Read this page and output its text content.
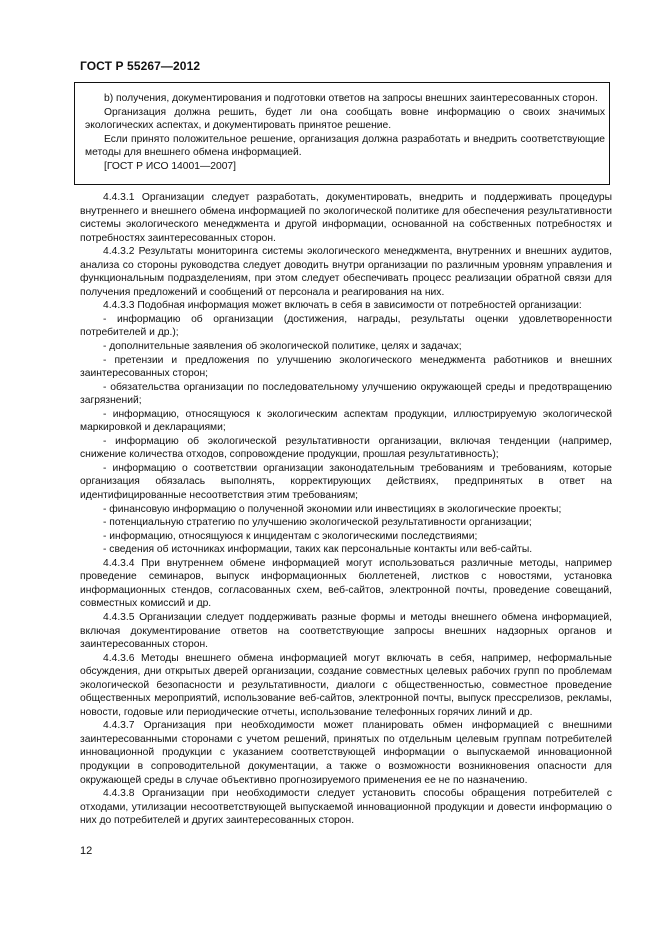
ГОСТ Р 55267—2012

b) получения, документирования и подготовки ответов на запросы внешних заинтересованных сторон.

Организация должна решить, будет ли она сообщать вовне информацию о своих значимых экологических аспектах, и документировать принятое решение.

Если принято положительное решение, организация должна разработать и внедрить соответствующие методы для внешнего обмена информацией.

[ГОСТ Р ИСО 14001—2007]

4.4.3.1 Организации следует разработать, документировать, внедрить и поддерживать процедуры внутреннего и внешнего обмена информацией по экологической политике для обеспечения результативности системы экологического менеджмента и другой информации, основанной на собственных потребностях и потребностях заинтересованных сторон.

4.4.3.2 Результаты мониторинга системы экологического менеджмента, внутренних и внешних аудитов, анализа со стороны руководства следует доводить внутри организации по различным уровням управления и функциональным подразделениям, при этом следует обеспечивать процесс реализации обратной связи для получения предложений и сообщений от персонала и реагирования на них.

4.4.3.3 Подобная информация может включать в себя в зависимости от потребностей организации:

- информацию об организации (достижения, награды, результаты оценки удовлетворенности потребителей и др.);

- дополнительные заявления об экологической политике, целях и задачах;

- претензии и предложения по улучшению экологического менеджмента работников и внешних заинтересованных сторон;

- обязательства организации по последовательному улучшению окружающей среды и предотвращению загрязнений;

- информацию, относящуюся к экологическим аспектам продукции, иллюстрируемую экологической маркировкой и декларациями;

- информацию об экологической результативности организации, включая тенденции (например, снижение количества отходов, сопровождение продукции, прошлая результативность);

- информацию о соответствии организации законодательным требованиям и требованиям, которые организация обязалась выполнять, корректирующих действиях, предпринятых в ответ на идентифицированные несоответствия этим требованиям;

- финансовую информацию о полученной экономии или инвестициях в экологические проекты;

- потенциальную стратегию по улучшению экологической результативности организации;

- информацию, относящуюся к инцидентам с экологическими последствиями;

- сведения об источниках информации, таких как персональные контакты или веб-сайты.

4.4.3.4 При внутреннем обмене информацией могут использоваться различные методы, например проведение семинаров, выпуск информационных бюллетеней, листков с новостями, установка информационных стендов, согласованных схем, веб-сайтов, электронной почты, проведение совещаний, совместных комиссий и др.

4.4.3.5 Организации следует поддерживать разные формы и методы внешнего обмена информацией, включая документирование ответов на соответствующие запросы внешних надзорных органов и заинтересованных сторон.

4.4.3.6 Методы внешнего обмена информацией могут включать в себя, например, неформальные обсуждения, дни открытых дверей организации, создание совместных целевых рабочих групп по проблемам экологической безопасности и результативности, диалоги с общественностью, совместное проведение общественных мероприятий, использование веб-сайтов, электронной почты, выпуск прессрелизов, рекламы, новости, годовые или периодические отчеты, использование телефонных горячих линий и др.

4.4.3.7 Организация при необходимости может планировать обмен информацией с внешними заинтересованными сторонами с учетом решений, принятых по отдельным целевым группам потребителей инновационной продукции с указанием соответствующей информации о выпускаемой инновационной продукции в сопроводительной документации, а также о возможности возникновения опасности для окружающей среды в случае объективно прогнозируемого применения ее не по назначению.

4.4.3.8 Организации при необходимости следует установить способы обращения потребителей с отходами, утилизации несоответствующей выпускаемой инновационной продукции и довести информацию о них до потребителей и других заинтересованных сторон.

12
